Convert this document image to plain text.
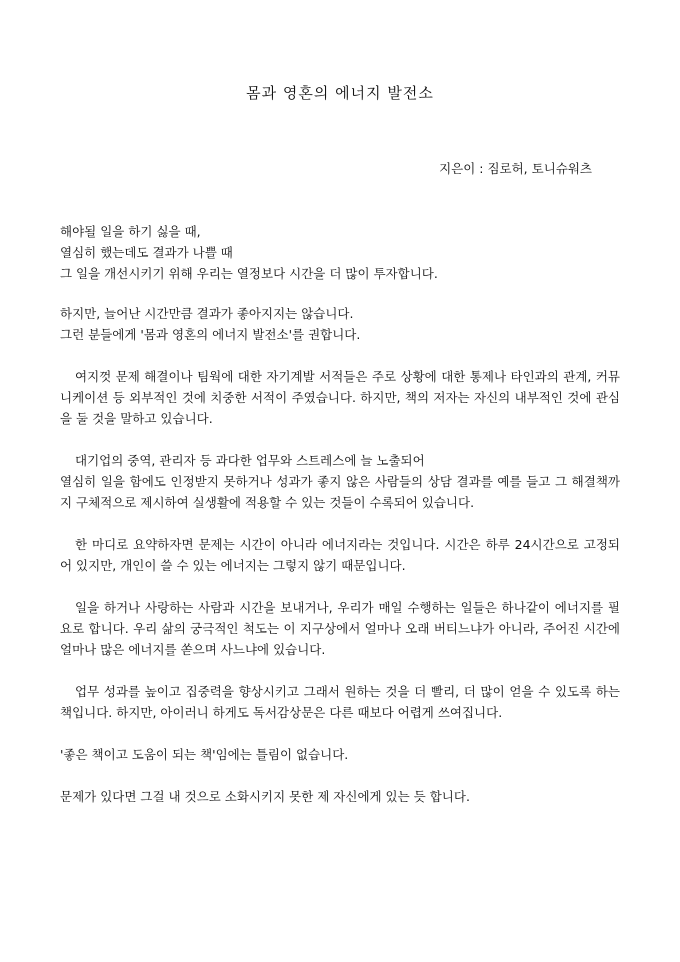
몸과 영혼의 에너지 발전소
지은이 : 짐로허, 토니슈워츠

해야될 일을 하기 싫을 때,
열심히 했는데도 결과가 나쁠 때
그 일을 개선시키기 위해 우리는 열정보다 시간을 더 많이 투자합니다.

하지만, 늘어난 시간만큼 결과가 좋아지지는 않습니다.
그런 분들에게 '몸과 영혼의 에너지 발전소'를 권합니다.

여지껏 문제 해결이나 팀웍에 대한 자기계발 서적들은 주로 상황에 대한 통제나 타인과의 관계, 커뮤니케이션 등 외부적인 것에 치중한 서적이 주였습니다. 하지만, 책의 저자는 자신의 내부적인 것에 관심을 둘 것을 말하고 있습니다.

대기업의 중역, 관리자 등 과다한 업무와 스트레스에 늘 노출되어
열심히 일을 함에도 인정받지 못하거나 성과가 좋지 않은 사람들의 상담 결과를 예를 들고 그 해결책까지 구체적으로 제시하여 실생활에 적용할 수 있는 것들이 수록되어 있습니다.

한 마디로 요약하자면 문제는 시간이 아니라 에너지라는 것입니다. 시간은 하루 24시간으로 고정되어 있지만, 개인이 쓸 수 있는 에너지는 그렇지 않기 때문입니다.

일을 하거나 사랑하는 사람과 시간을 보내거나, 우리가 매일 수행하는 일들은 하나같이 에너지를 필요로 합니다. 우리 삶의 궁극적인 척도는 이 지구상에서 얼마나 오래 버티느냐가 아니라, 주어진 시간에 얼마나 많은 에너지를 쏟으며 사느냐에 있습니다.

업무 성과를 높이고 집중력을 향상시키고 그래서 원하는 것을 더 빨리, 더 많이 얻을 수 있도록 하는 책입니다. 하지만, 아이러니 하게도 독서감상문은 다른 때보다 어렵게 쓰여집니다.

'좋은 책이고 도움이 되는 책'임에는 틀림이 없습니다.

문제가 있다면 그걸 내 것으로 소화시키지 못한 제 자신에게 있는 듯 합니다.
